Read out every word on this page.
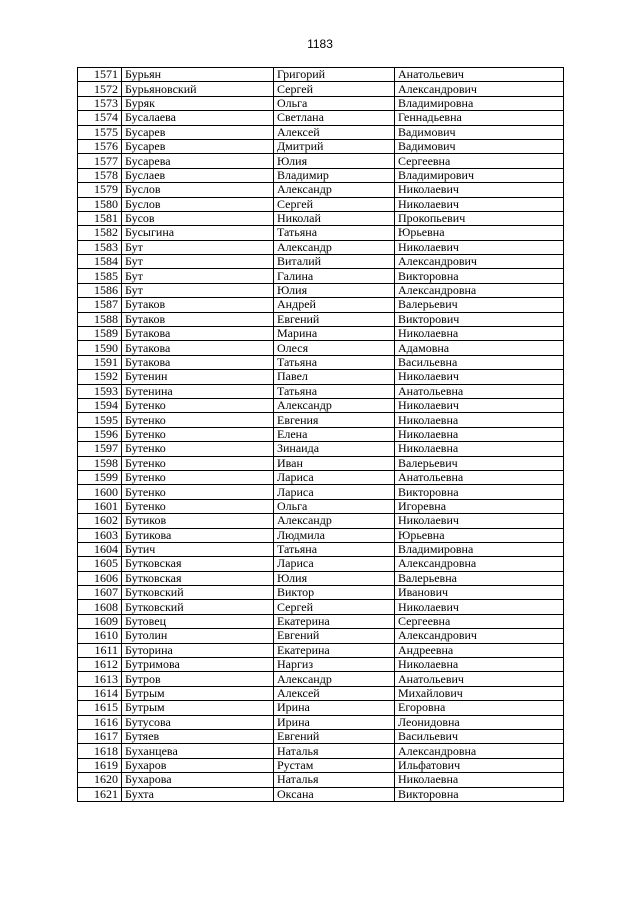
1183
1571	Бурьян	Григорий	Анатольевич
1572	Бурьяновский	Сергей	Александрович
1573	Буряк	Ольга	Владимировна
1574	Бусалаева	Светлана	Геннадьевна
1575	Бусарев	Алексей	Вадимович
1576	Бусарев	Дмитрий	Вадимович
1577	Бусарева	Юлия	Сергеевна
1578	Буслаев	Владимир	Владимирович
1579	Буслов	Александр	Николаевич
1580	Буслов	Сергей	Николаевич
1581	Бусов	Николай	Прокопьевич
1582	Бусыгина	Татьяна	Юрьевна
1583	Бут	Александр	Николаевич
1584	Бут	Виталий	Александрович
1585	Бут	Галина	Викторовна
1586	Бут	Юлия	Александровна
1587	Бутаков	Андрей	Валерьевич
1588	Бутаков	Евгений	Викторович
1589	Бутакова	Марина	Николаевна
1590	Бутакова	Олеся	Адамовна
1591	Бутакова	Татьяна	Васильевна
1592	Бутенин	Павел	Николаевич
1593	Бутенина	Татьяна	Анатольевна
1594	Бутенко	Александр	Николаевич
1595	Бутенко	Евгения	Николаевна
1596	Бутенко	Елена	Николаевна
1597	Бутенко	Зинаида	Николаевна
1598	Бутенко	Иван	Валерьевич
1599	Бутенко	Лариса	Анатольевна
1600	Бутенко	Лариса	Викторовна
1601	Бутенко	Ольга	Игоревна
1602	Бутиков	Александр	Николаевич
1603	Бутикова	Людмила	Юрьевна
1604	Бутич	Татьяна	Владимировна
1605	Бутковская	Лариса	Александровна
1606	Бутковская	Юлия	Валерьевна
1607	Бутковский	Виктор	Иванович
1608	Бутковский	Сергей	Николаевич
1609	Бутовец	Екатерина	Сергеевна
1610	Бутолин	Евгений	Александрович
1611	Буторина	Екатерина	Андреевна
1612	Бутримова	Наргиз	Николаевна
1613	Бутров	Александр	Анатольевич
1614	Бутрым	Алексей	Михайлович
1615	Бутрым	Ирина	Егоровна
1616	Бутусова	Ирина	Леонидовна
1617	Бутяев	Евгений	Васильевич
1618	Буханцева	Наталья	Александровна
1619	Бухаров	Рустам	Ильфатович
1620	Бухарова	Наталья	Николаевна
1621	Бухта	Оксана	Викторовна
